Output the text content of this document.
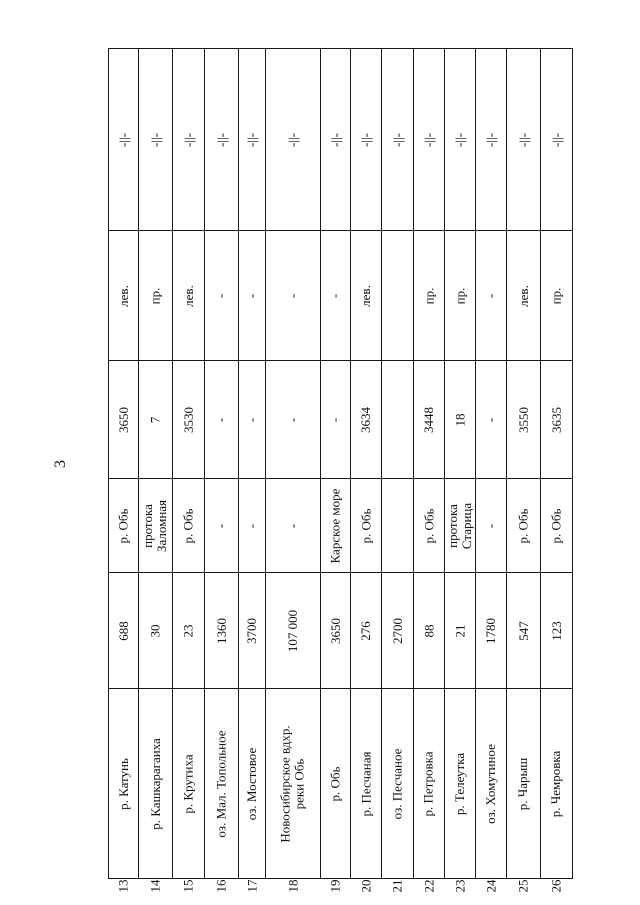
3
-||-
лев.
3650
р. Обь
688
р. Катунь
13
-||-
пр.
7
протока Заломная
30
р. Кашкарагаиха
14
-||-
лев.
3530
р. Обь
23
р. Крутиха
15
-||-
-
-
-
1360
оз. Мал. Топольное
16
-||-
-
-
-
3700
оз. Мостовое
17
-||-
-
-
-
107 000
Новосибирское вдхр. реки Обь
18
-||-
-
-
Карское море
3650
р. Обь
19
-||-
лев.
3634
р. Обь
276
р. Песчаная
20
-||-
2700
оз. Песчаное
21
-||-
пр.
3448
р. Обь
88
р. Петровка
22
-||-
пр.
18
протока Старица
21
р. Телеутка
23
-||-
-
-
-
1780
оз. Хомутиное
24
-||-
лев.
3550
р. Обь
547
р. Чарыш
25
-||-
пр.
3635
р. Обь
123
р. Чемровка
26
